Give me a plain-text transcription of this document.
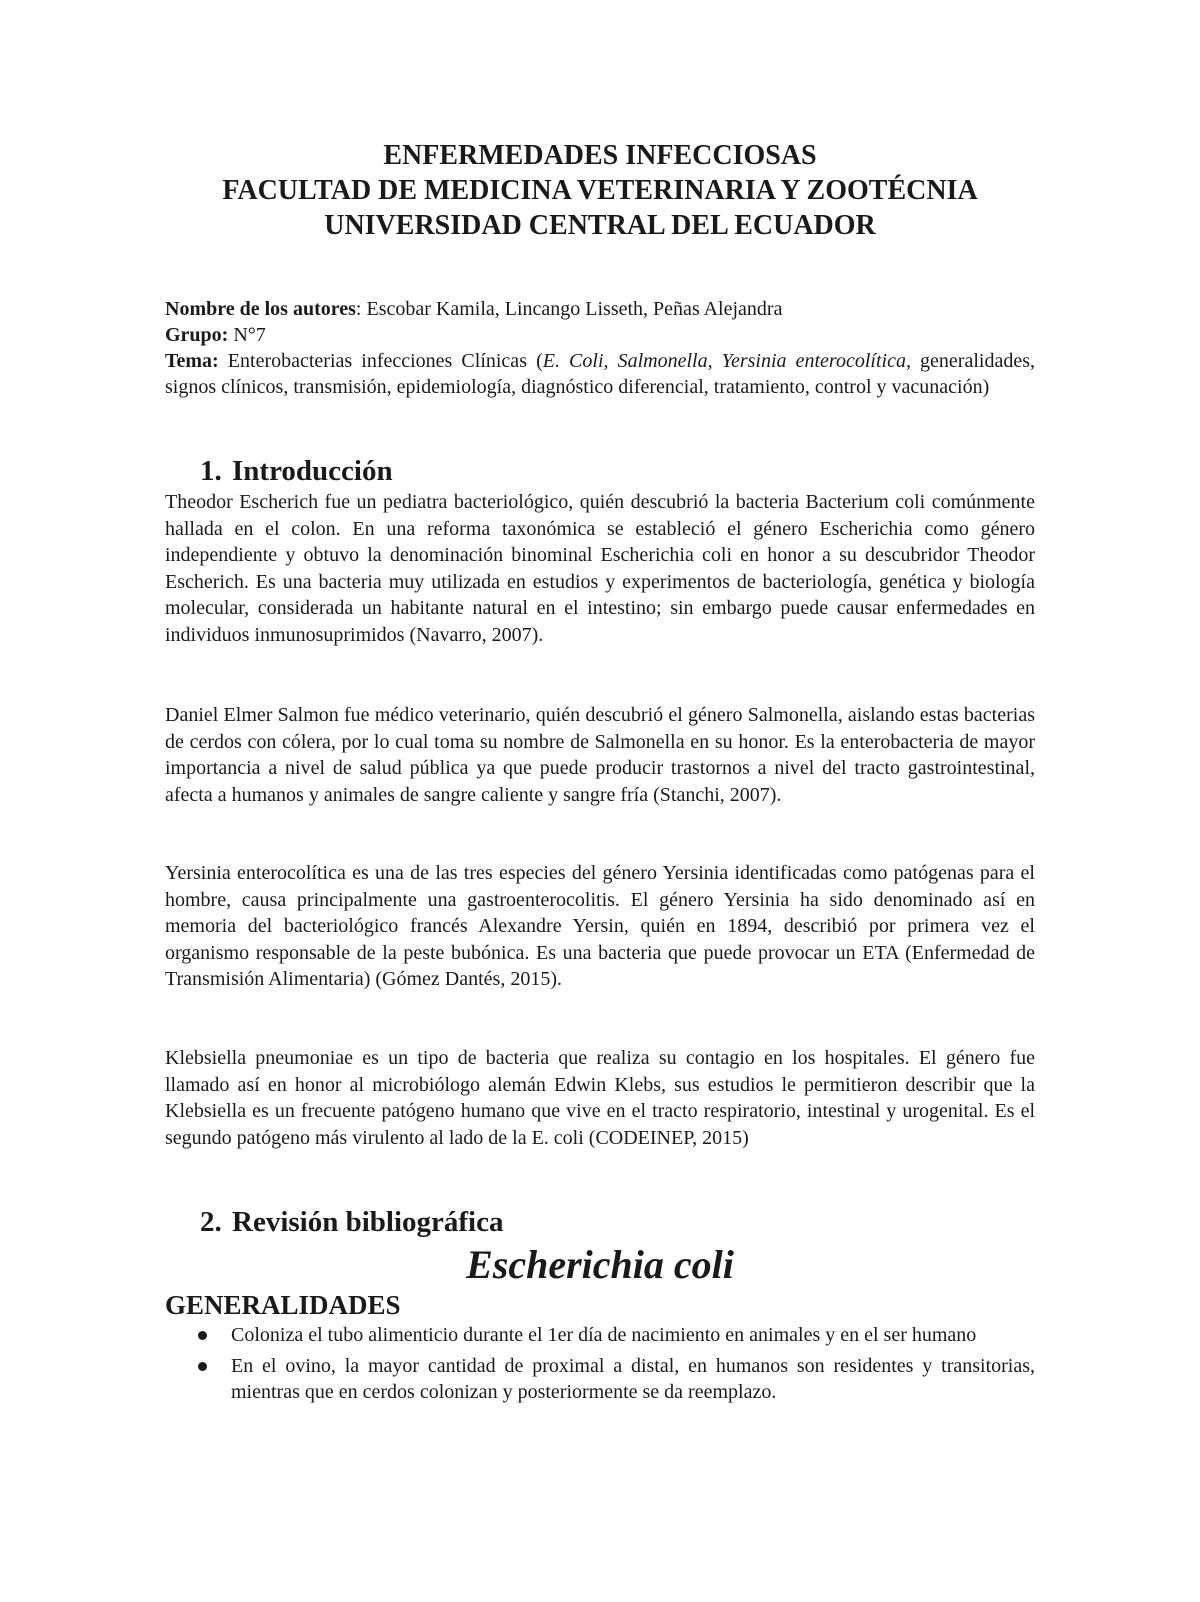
ENFERMEDADES INFECCIOSAS
FACULTAD DE MEDICINA VETERINARIA Y ZOOTÉCNIA
UNIVERSIDAD CENTRAL DEL ECUADOR

Nombre de los autores: Escobar Kamila, Lincango Lisseth, Peñas Alejandra

Grupo: N°7

Tema: Enterobacterias infecciones Clínicas (E. Coli, Salmonella, Yersinia enterocolítica, generalidades, signos clínicos, transmisión, epidemiología, diagnóstico diferencial, tratamiento, control y vacunación)

1. Introducción

Theodor Escherich fue un pediatra bacteriológico, quién descubrió la bacteria Bacterium coli comúnmente hallada en el colon. En una reforma taxonómica se estableció el género Escherichia como género independiente y obtuvo la denominación binominal Escherichia coli en honor a su descubridor Theodor Escherich. Es una bacteria muy utilizada en estudios y experimentos de bacteriología, genética y biología molecular, considerada un habitante natural en el intestino; sin embargo puede causar enfermedades en individuos inmunosuprimidos (Navarro, 2007).

Daniel Elmer Salmon fue médico veterinario, quién descubrió el género Salmonella, aislando estas bacterias de cerdos con cólera, por lo cual toma su nombre de Salmonella en su honor. Es la enterobacteria de mayor importancia a nivel de salud pública ya que puede producir trastornos a nivel del tracto gastrointestinal, afecta a humanos y animales de sangre caliente y sangre fría (Stanchi, 2007).

Yersinia enterocolítica es una de las tres especies del género Yersinia identificadas como patógenas para el hombre, causa principalmente una gastroenterocolitis. El género Yersinia ha sido denominado así en memoria del bacteriológico francés Alexandre Yersin, quién en 1894, describió por primera vez el organismo responsable de la peste bubónica. Es una bacteria que puede provocar un ETA (Enfermedad de Transmisión Alimentaria) (Gómez Dantés, 2015).

Klebsiella pneumoniae es un tipo de bacteria que realiza su contagio en los hospitales. El género fue llamado así en honor al microbiólogo alemán Edwin Klebs, sus estudios le permitieron describir que la Klebsiella es un frecuente patógeno humano que vive en el tracto respiratorio, intestinal y urogenital. Es el segundo patógeno más virulento al lado de la E. coli (CODEINEP, 2015)

2. Revisión bibliográfica

Escherichia coli

GENERALIDADES

Coloniza el tubo alimenticio durante el 1er día de nacimiento en animales y en el ser humano
En el ovino, la mayor cantidad de proximal a distal, en humanos son residentes y transitorias, mientras que en cerdos colonizan y posteriormente se da reemplazo.
